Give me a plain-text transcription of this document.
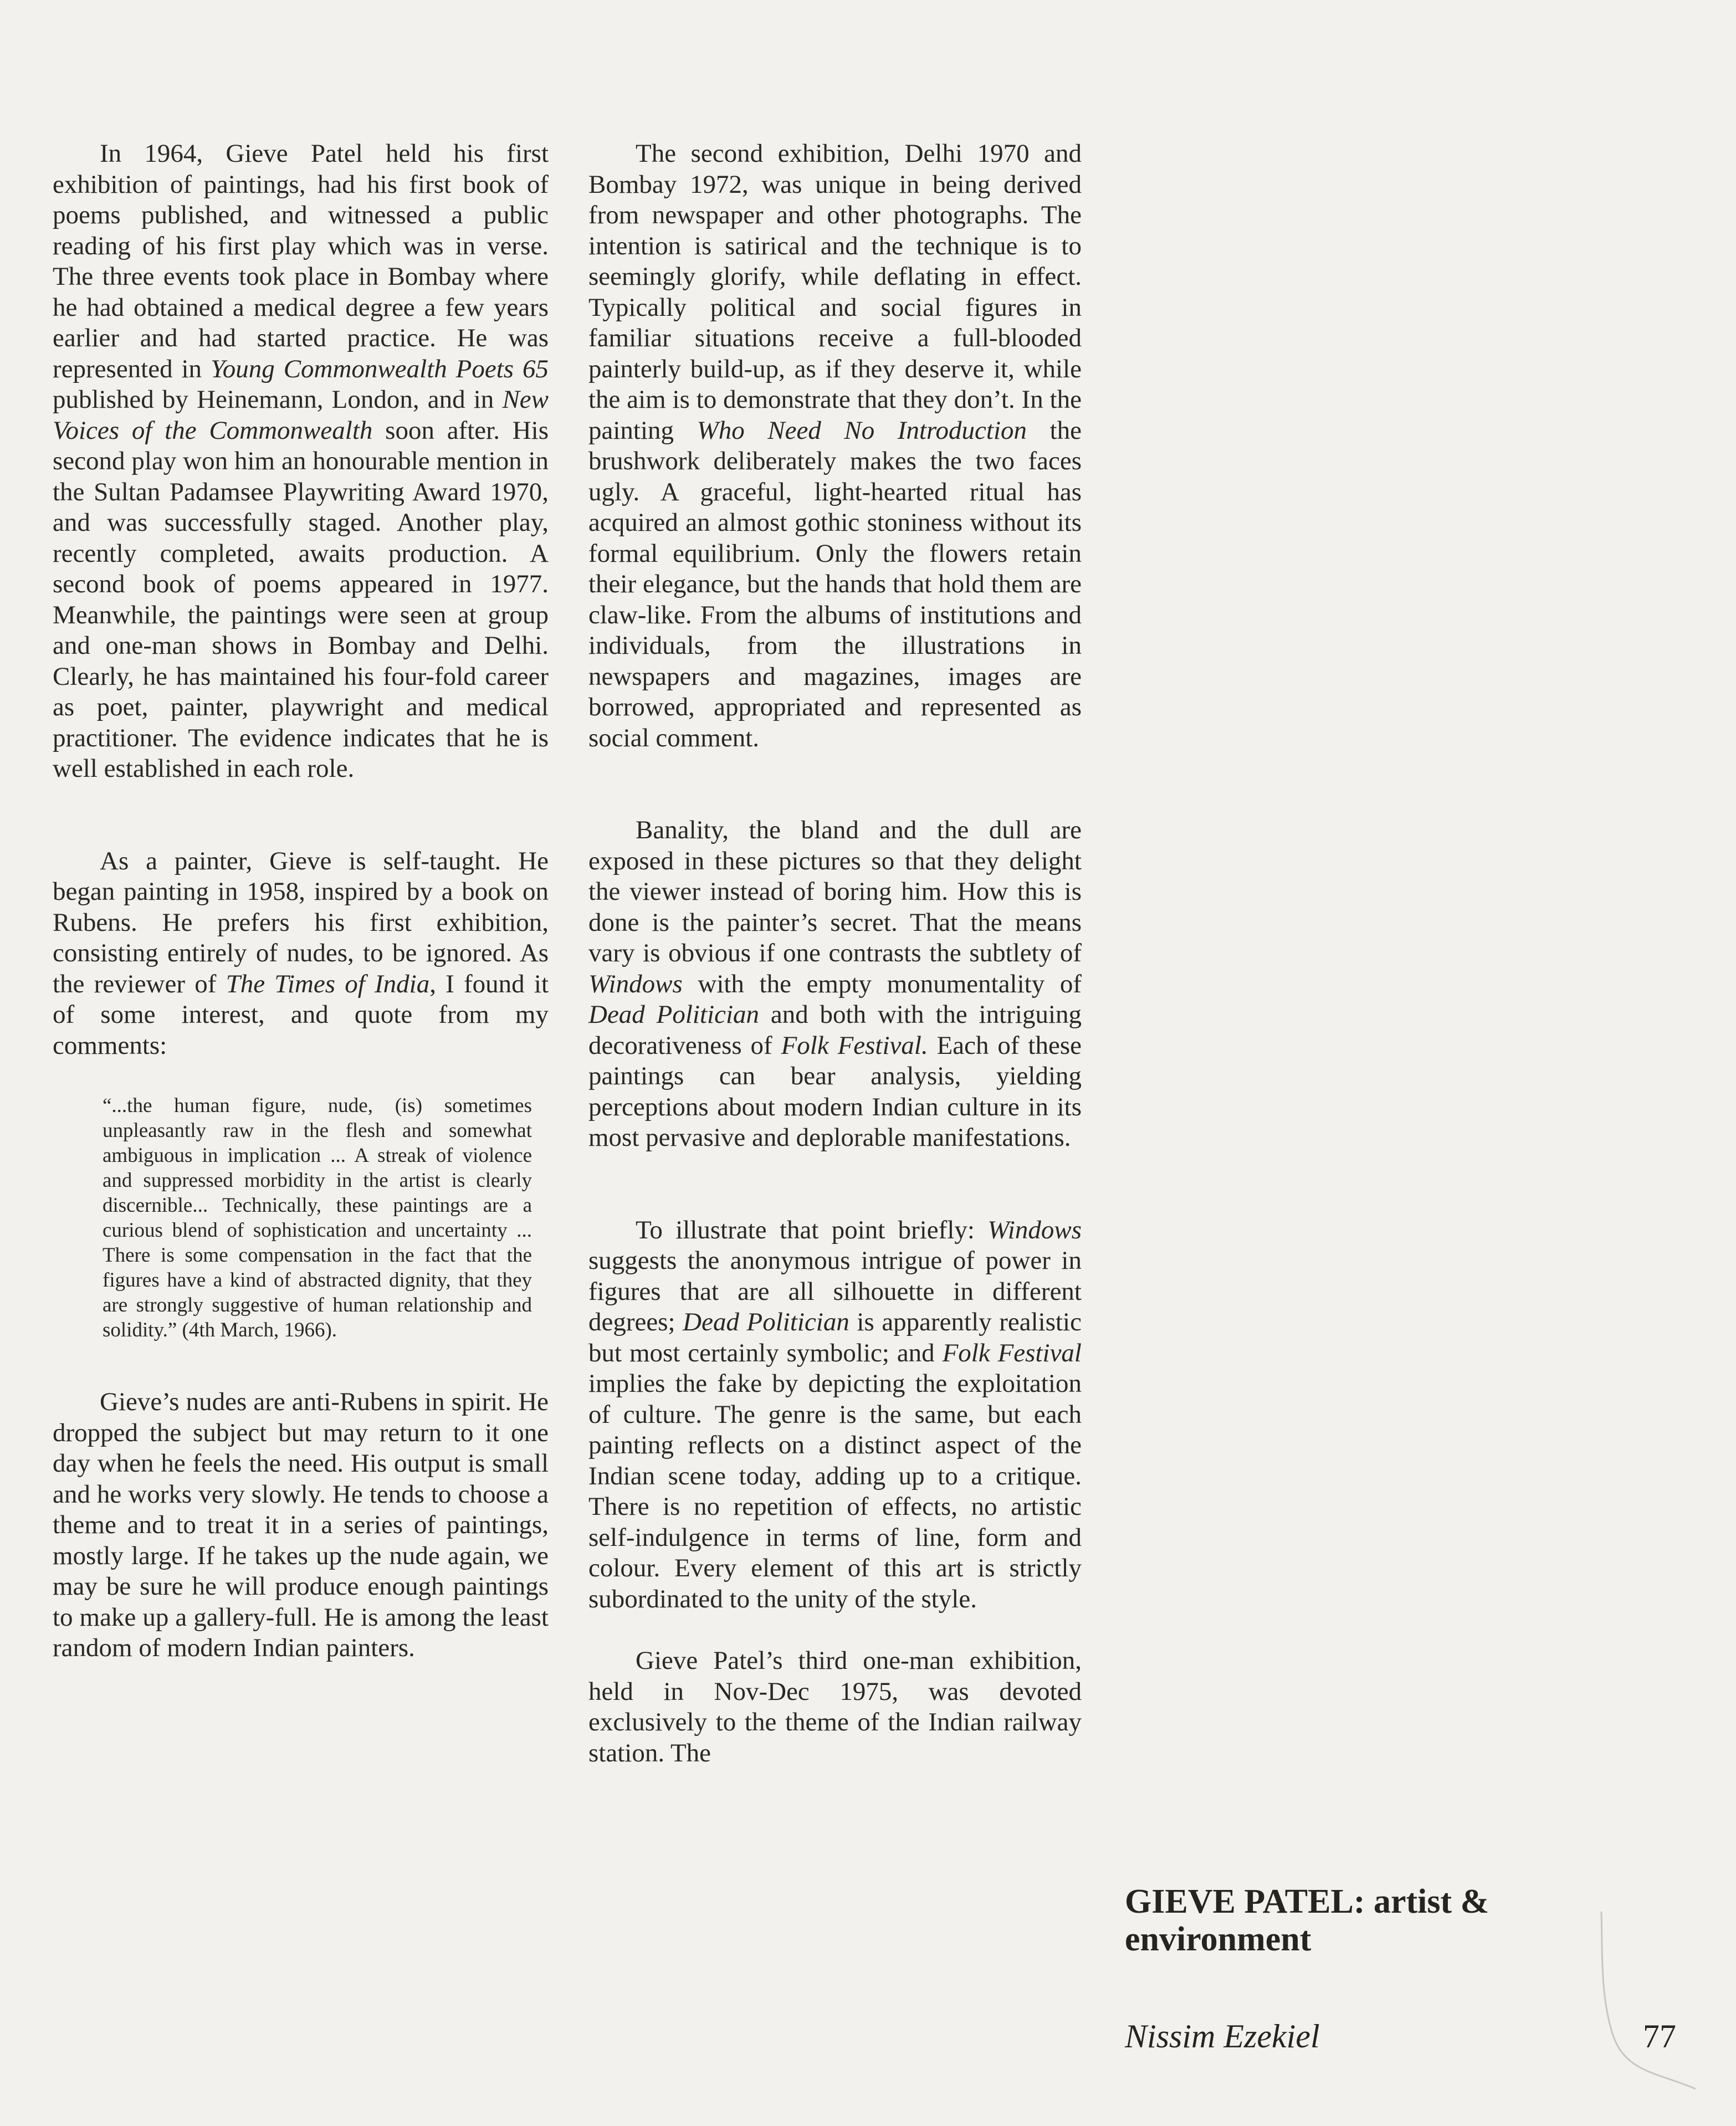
In 1964, Gieve Patel held his first exhibition of paintings, had his first book of poems published, and witnessed a public reading of his first play which was in verse. The three events took place in Bombay where he had obtained a medical degree a few years earlier and had started practice. He was represented in Young Commonwealth Poets 65 published by Heinemann, London, and in New Voices of the Commonwealth soon after. His second play won him an honourable mention in the Sultan Padamsee Playwriting Award 1970, and was successfully staged. Another play, recently completed, awaits production. A second book of poems appeared in 1977. Meanwhile, the paintings were seen at group and one-man shows in Bombay and Delhi. Clearly, he has maintained his four-fold career as poet, painter, playwright and medical practitioner. The evidence indicates that he is well established in each role.

As a painter, Gieve is self-taught. He began painting in 1958, inspired by a book on Rubens. He prefers his first exhibition, consisting entirely of nudes, to be ignored. As the reviewer of The Times of India, I found it of some interest, and quote from my comments:

“...the human figure, nude, (is) sometimes unpleasantly raw in the flesh and somewhat ambiguous in implication ... A streak of violence and suppressed morbidity in the artist is clearly discernible... Technically, these paintings are a curious blend of sophistication and uncertainty ... There is some compensation in the fact that the figures have a kind of abstracted dignity, that they are strongly suggestive of human relationship and solidity.” (4th March, 1966).

Gieve’s nudes are anti-Rubens in spirit. He dropped the subject but may return to it one day when he feels the need. His output is small and he works very slowly. He tends to choose a theme and to treat it in a series of paintings, mostly large. If he takes up the nude again, we may be sure he will produce enough paintings to make up a gallery-full. He is among the least random of modern Indian painters.

The second exhibition, Delhi 1970 and Bombay 1972, was unique in being derived from newspaper and other photographs. The intention is satirical and the technique is to seemingly glorify, while deflating in effect. Typically political and social figures in familiar situations receive a full-blooded painterly build-up, as if they deserve it, while the aim is to demonstrate that they don’t. In the painting Who Need No Introduction the brushwork deliberately makes the two faces ugly. A graceful, light-hearted ritual has acquired an almost gothic stoniness without its formal equilibrium. Only the flowers retain their elegance, but the hands that hold them are claw-like. From the albums of institutions and individuals, from the illustrations in newspapers and magazines, images are borrowed, appropriated and represented as social comment.

Banality, the bland and the dull are exposed in these pictures so that they delight the viewer instead of boring him. How this is done is the painter’s secret. That the means vary is obvious if one contrasts the subtlety of Windows with the empty monumentality of Dead Politician and both with the intriguing decorativeness of Folk Festival. Each of these paintings can bear analysis, yielding perceptions about modern Indian culture in its most pervasive and deplorable manifestations.

To illustrate that point briefly: Windows suggests the anonymous intrigue of power in figures that are all silhouette in different degrees; Dead Politician is apparently realistic but most certainly symbolic; and Folk Festival implies the fake by depicting the exploitation of culture. The genre is the same, but each painting reflects on a distinct aspect of the Indian scene today, adding up to a critique. There is no repetition of effects, no artistic self-indulgence in terms of line, form and colour. Every element of this art is strictly subordinated to the unity of the style.

Gieve Patel’s third one-man exhibition, held in Nov-Dec 1975, was devoted exclusively to the theme of the Indian railway station. The

GIEVE PATEL: artist & environment
Nissim Ezekiel	77
